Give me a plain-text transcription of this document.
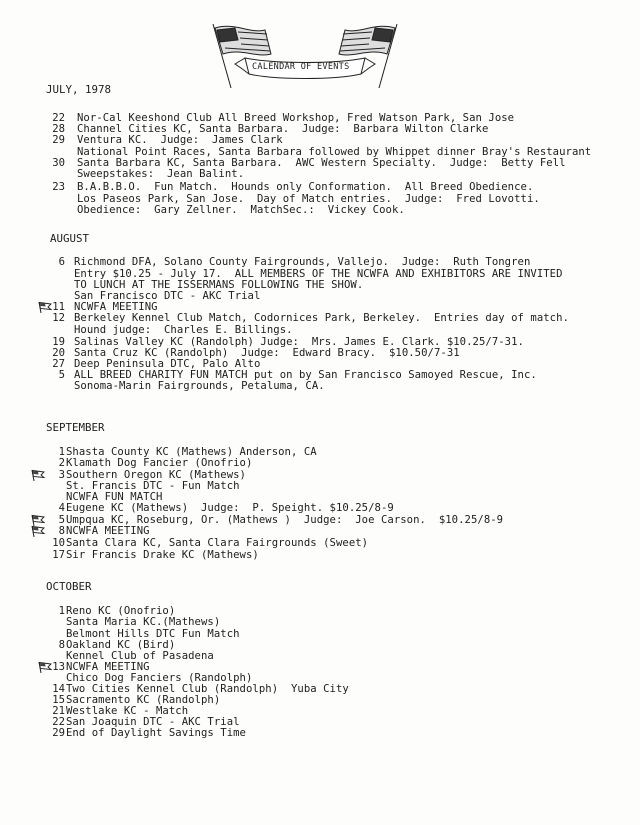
CALENDAR OF EVENTS
JULY, 1978
22 Nor-Cal Keeshond Club All Breed Workshop, Fred Watson Park, San Jose
28 Channel Cities KC, Santa Barbara.  Judge:  Barbara Wilton Clarke
29 Ventura KC.  Judge:  James Clark
National Point Races, Santa Barbara followed by Whippet dinner Bray's Restaurant
30 Santa Barbara KC, Santa Barbara.  AWC Western Specialty.  Judge:  Betty Fell
Sweepstakes:  Jean Balint.
23 B.A.B.B.O.  Fun Match.  Hounds only Conformation.  All Breed Obedience.
Los Paseos Park, San Jose.  Day of Match entries.  Judge:  Fred Lovotti.
Obedience:  Gary Zellner.  MatchSec.:  Vickey Cook.
AUGUST
6 Richmond DFA, Solano County Fairgrounds, Vallejo.  Judge:  Ruth Tongren
Entry $10.25 - July 17.  ALL MEMBERS OF THE NCWFA AND EXHIBITORS ARE INVITED
TO LUNCH AT THE ISSERMANS FOLLOWING THE SHOW.
San Francisco DTC - AKC Trial
11 NCWFA MEETING
12 Berkeley Kennel Club Match, Codornices Park, Berkeley.  Entries day of match.
Hound judge:  Charles E. Billings.
19 Salinas Valley KC (Randolph) Judge:  Mrs. James E. Clark. $10.25/7-31.
20 Santa Cruz KC (Randolph)  Judge:  Edward Bracy.  $10.50/7-31
27 Deep Peninsula DTC, Palo Alto
5 ALL BREED CHARITY FUN MATCH put on by San Francisco Samoyed Rescue, Inc.
Sonoma-Marin Fairgrounds, Petaluma, CA.
SEPTEMBER
1 Shasta County KC (Mathews) Anderson, CA
2 Klamath Dog Fancier (Onofrio)
3 Southern Oregon KC (Mathews)
St. Francis DTC - Fun Match
NCWFA FUN MATCH
4 Eugene KC (Mathews)  Judge:  P. Speight. $10.25/8-9
5 Umpqua KC, Roseburg, Or. (Mathews )  Judge:  Joe Carson.  $10.25/8-9
8 NCWFA MEETING
10 Santa Clara KC, Santa Clara Fairgrounds (Sweet)
17 Sir Francis Drake KC (Mathews)
OCTOBER
1 Reno KC (Onofrio)
Santa Maria KC.(Mathews)
Belmont Hills DTC Fun Match
8 Oakland KC (Bird)
Kennel Club of Pasadena
13 NCWFA MEETING
Chico Dog Fanciers (Randolph)
14 Two Cities Kennel Club (Randolph)  Yuba City
15 Sacramento KC (Randolph)
21 Westlake KC - Match
22 San Joaquin DTC - AKC Trial
29 End of Daylight Savings Time
